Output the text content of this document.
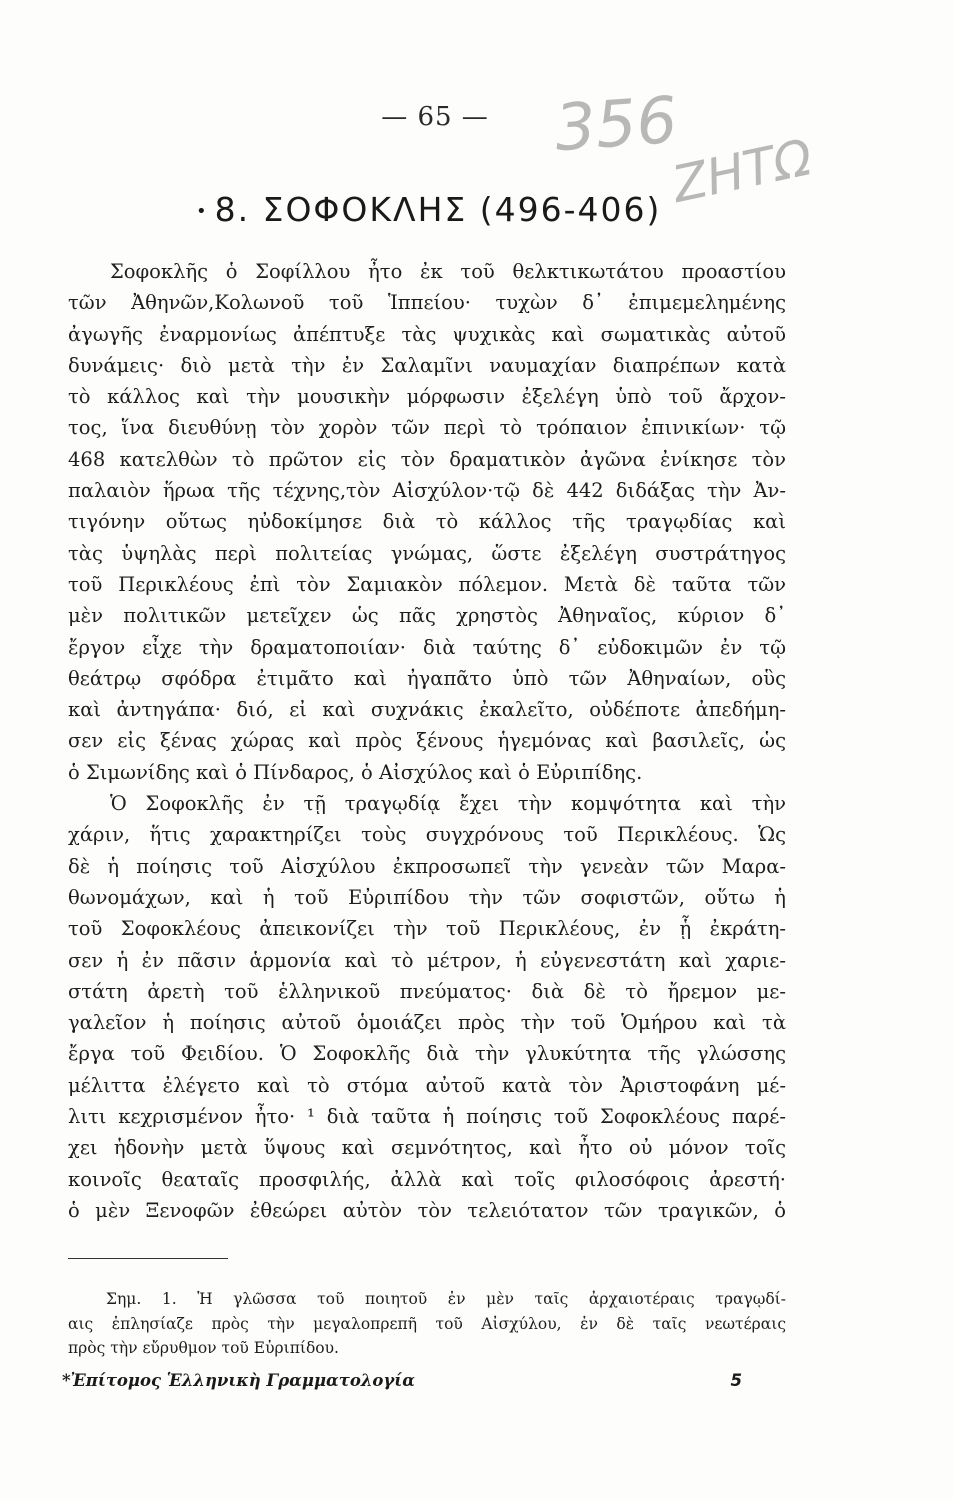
356
ΖΗΤΩ
— 65 —
• 8. ΣΟΦΟΚΛΗΣ (496-406)
Σοφοκλῆς ὁ Σοφίλλου ἦτο ἐκ τοῦ θελκτικωτάτου προαστίου
τῶν Ἀθηνῶν,Κολωνοῦ τοῦ Ἱππείου· τυχὼν δ᾽ ἐπιμεμελημένης
ἀγωγῆς ἐναρμονίως ἀπέπτυξε τὰς ψυχικὰς καὶ σωματικὰς αὐτοῦ
δυνάμεις· διὸ μετὰ τὴν ἐν Σαλαμῖνι ναυμαχίαν διαπρέπων κατὰ
τὸ κάλλος καὶ τὴν μουσικὴν μόρφωσιν ἐξελέγη ὑπὸ τοῦ ἄρχον-
τος, ἵνα διευθύνῃ τὸν χορὸν τῶν περὶ τὸ τρόπαιον ἐπινικίων· τῷ
468 κατελθὼν τὸ πρῶτον εἰς τὸν δραματικὸν ἀγῶνα ἐνίκησε τὸν
παλαιὸν ἥρωα τῆς τέχνης,τὸν Αἰσχύλον·τῷ δὲ 442 διδάξας τὴν Ἀν-
τιγόνην οὕτως ηὐδοκίμησε διὰ τὸ κάλλος τῆς τραγῳδίας καὶ
τὰς ὑψηλὰς περὶ πολιτείας γνώμας, ὥστε ἐξελέγη συστράτηγος
τοῦ Περικλέους ἐπὶ τὸν Σαμιακὸν πόλεμον. Μετὰ δὲ ταῦτα τῶν
μὲν πολιτικῶν μετεῖχεν ὡς πᾶς χρηστὸς Ἀθηναῖος, κύριον δ᾽
ἔργον εἶχε τὴν δραματοποιίαν· διὰ ταύτης δ᾽ εὐδοκιμῶν ἐν τῷ
θεάτρῳ σφόδρα ἐτιμᾶτο καὶ ἠγαπᾶτο ὑπὸ τῶν Ἀθηναίων, οὓς
καὶ ἀντηγάπα· διό, εἰ καὶ συχνάκις ἐκαλεῖτο, οὐδέποτε ἀπεδήμη-
σεν εἰς ξένας χώρας καὶ πρὸς ξένους ἡγεμόνας καὶ βασιλεῖς, ὡς
ὁ Σιμωνίδης καὶ ὁ Πίνδαρος, ὁ Αἰσχύλος καὶ ὁ Εὐριπίδης.
Ὁ Σοφοκλῆς ἐν τῇ τραγῳδίᾳ ἔχει τὴν κομψότητα καὶ τὴν
χάριν, ἥτις χαρακτηρίζει τοὺς συγχρόνους τοῦ Περικλέους. Ὡς
δὲ ἡ ποίησις τοῦ Αἰσχύλου ἐκπροσωπεῖ τὴν γενεὰν τῶν Μαρα-
θωνομάχων, καὶ ἡ τοῦ Εὐριπίδου τὴν τῶν σοφιστῶν, οὕτω ἡ
τοῦ Σοφοκλέους ἀπεικονίζει τὴν τοῦ Περικλέους, ἐν ᾗ ἐκράτη-
σεν ἡ ἐν πᾶσιν ἁρμονία καὶ τὸ μέτρον, ἡ εὐγενεστάτη καὶ χαριε-
στάτη ἀρετὴ τοῦ ἑλληνικοῦ πνεύματος· διὰ δὲ τὸ ἤρεμον με-
γαλεῖον ἡ ποίησις αὐτοῦ ὁμοιάζει πρὸς τὴν τοῦ Ὁμήρου καὶ τὰ
ἔργα τοῦ Φειδίου. Ὁ Σοφοκλῆς διὰ τὴν γλυκύτητα τῆς γλώσσης
μέλιττα ἐλέγετο καὶ τὸ στόμα αὐτοῦ κατὰ τὸν Ἀριστοφάνη μέ-
λιτι κεχρισμένον ἦτο· ¹ διὰ ταῦτα ἡ ποίησις τοῦ Σοφοκλέους παρέ-
χει ἡδονὴν μετὰ ὕψους καὶ σεμνότητος, καὶ ἦτο οὐ μόνον τοῖς
κοινοῖς θεαταῖς προσφιλής, ἀλλὰ καὶ τοῖς φιλοσόφοις ἀρεστή·
ὁ μὲν Ξενοφῶν ἐθεώρει αὐτὸν τὸν τελειότατον τῶν τραγικῶν, ὁ
Σημ. 1. Ἡ γλῶσσα τοῦ ποιητοῦ ἐν μὲν ταῖς ἀρχαιοτέραις τραγῳδί-
αις ἐπλησίαζε πρὸς τὴν μεγαλοπρεπῆ τοῦ Αἰσχύλου, ἐν δὲ ταῖς νεωτέραις
πρὸς τὴν εὔρυθμον τοῦ Εὐριπίδου.
*Ἐπίτομος Ἑλληνικὴ Γραμματολογία	5
